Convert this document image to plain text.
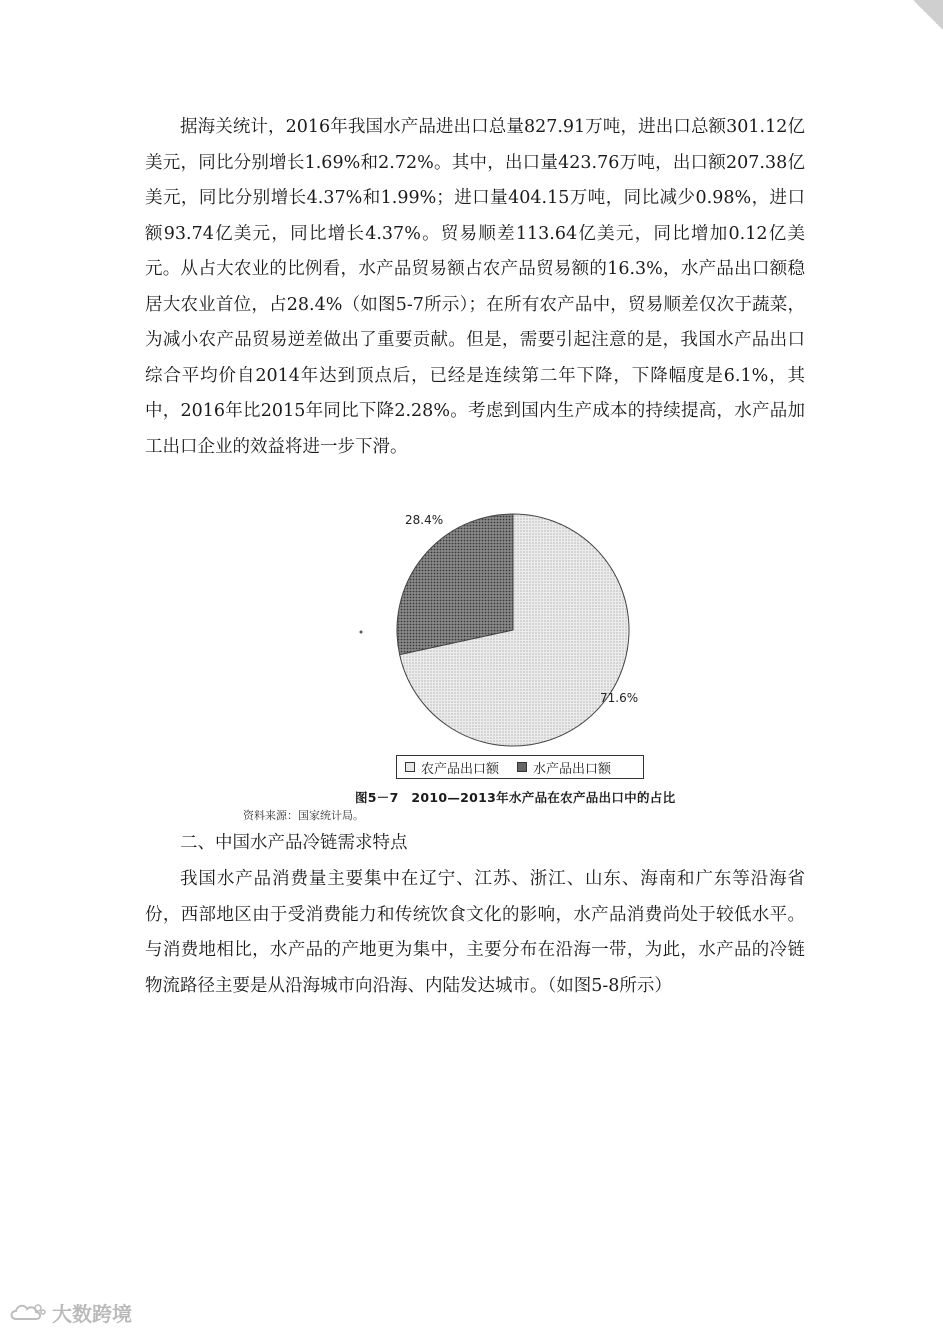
据海关统计，2016年我国水产品进出口总量827.91万吨，进出口总额301.12亿美元，同比分别增长1.69%和2.72%。其中，出口量423.76万吨，出口额207.38亿美元，同比分别增长4.37%和1.99%；进口量404.15万吨，同比减少0.98%，进口额93.74亿美元，同比增长4.37%。贸易顺差113.64亿美元，同比增加0.12亿美元。从占大农业的比例看，水产品贸易额占农产品贸易额的16.3%，水产品出口额稳居大农业首位，占28.4%（如图5-7所示）；在所有农产品中，贸易顺差仅次于蔬菜，为减小农产品贸易逆差做出了重要贡献。但是，需要引起注意的是，我国水产品出口综合平均价自2014年达到顶点后，已经是连续第二年下降，下降幅度是6.1%，其中，2016年比2015年同比下降2.28%。考虑到国内生产成本的持续提高，水产品加工出口企业的效益将进一步下滑。

28.4%
71.6%
农产品出口额	水产品出口额
图5－7　2010—2013年水产品在农产品出口中的占比
资料来源：国家统计局。

二、中国水产品冷链需求特点

我国水产品消费量主要集中在辽宁、江苏、浙江、山东、海南和广东等沿海省份，西部地区由于受消费能力和传统饮食文化的影响，水产品消费尚处于较低水平。与消费地相比，水产品的产地更为集中，主要分布在沿海一带，为此，水产品的冷链物流路径主要是从沿海城市向沿海、内陆发达城市。（如图5-8所示）

大数跨境
